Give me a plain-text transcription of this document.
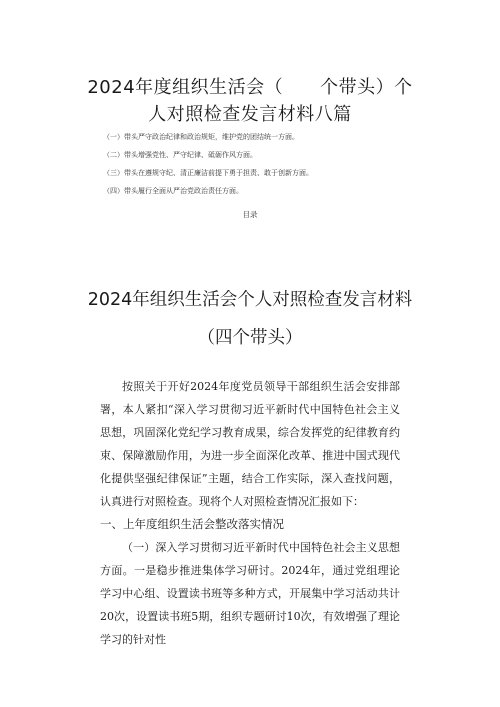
2024年度组织生活会（　　个带头）个
人对照检查发言材料八篇
（一）带头严守政治纪律和政治规矩，维护党的团结统一方面。
（二）带头增强党性、严守纪律、砥砺作风方面。
（三）带头在遵规守纪、清正廉洁前提下勇于担责、敢于创新方面。
（四）带头履行全面从严治党政治责任方面。
目录
2024年组织生活会个人对照检查发言材料
（四个带头）

按照关于开好2024年度党员领导干部组织生活会安排部署，本人紧扣“深入学习贯彻习近平新时代中国特色社会主义思想，巩固深化党纪学习教育成果，综合发挥党的纪律教育约束、保障激励作用，为进一步全面深化改革、推进中国式现代化提供坚强纪律保证”主题，结合工作实际，深入查找问题，认真进行对照检查。现将个人对照检查情况汇报如下：

一、上年度组织生活会整改落实情况

（一）深入学习贯彻习近平新时代中国特色社会主义思想方面。一是稳步推进集体学习研讨。2024年，通过党组理论学习中心组、设置读书班等多种方式，开展集中学习活动共计20次，设置读书班5期，组织专题研讨10次，有效增强了理论学习的针对性
